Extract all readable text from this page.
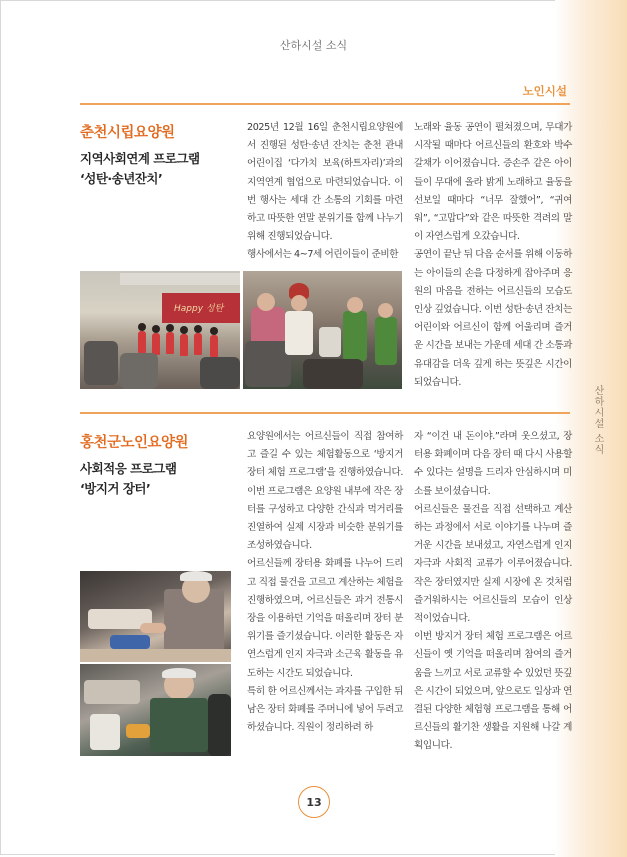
산하시설 소식
산하시설 소식
노인시설
춘천시립요양원
지역사회연계 프로그램
‘성탄·송년잔치’
2025년 12월 16일 춘천시립요양원에서 진행된 성탄·송년 잔치는 춘천 관내 어린이집 ‘다가치 보육(하트자리)’과의 지역연계 협업으로 마련되었습니다. 이번 행사는 세대 간 소통의 기회를 마련하고 따뜻한 연말 분위기를 함께 나누기 위해 진행되었습니다.
행사에서는 4~7세 어린이들이 준비한
노래와 율동 공연이 펼쳐졌으며, 무대가 시작될 때마다 어르신들의 환호와 박수갈채가 이어졌습니다. 증손주 같은 아이들이 무대에 올라 밝게 노래하고 율동을 선보일 때마다 “너무 잘했어”, “귀여워”, “고맙다”와 같은 따뜻한 격려의 말이 자연스럽게 오갔습니다.
공연이 끝난 뒤 다음 순서를 위해 이동하는 아이들의 손을 다정하게 잡아주며 응원의 마음을 전하는 어르신들의 모습도 인상 깊었습니다. 이번 성탄·송년 잔치는 어린이와 어르신이 함께 어울리며 즐거운 시간을 보내는 가운데 세대 간 소통과 유대감을 더욱 깊게 하는 뜻깊은 시간이 되었습니다.
Happy 성탄
홍천군노인요양원
사회적응 프로그램
‘방지거 장터’
요양원에서는 어르신들이 직접 참여하고 즐길 수 있는 체험활동으로 ‘방지거 장터 체험 프로그램’을 진행하였습니다. 이번 프로그램은 요양원 내부에 작은 장터를 구성하고 다양한 간식과 먹거리를 진열하여 실제 시장과 비슷한 분위기를 조성하였습니다.
어르신들께 장터용 화폐를 나누어 드리고 직접 물건을 고르고 계산하는 체험을 진행하였으며, 어르신들은 과거 전통시장을 이용하던 기억을 떠올리며 장터 분위기를 즐기셨습니다. 이러한 활동은 자연스럽게 인지 자극과 소근육 활동을 유도하는 시간도 되었습니다.
특히 한 어르신께서는 과자를 구입한 뒤 남은 장터 화폐를 주머니에 넣어 두려고 하셨습니다. 직원이 정리하려 하
자 “이건 내 돈이야.”라며 웃으셨고, 장터용 화폐이며 다음 장터 때 다시 사용할 수 있다는 설명을 드리자 안심하시며 미소를 보이셨습니다.
어르신들은 물건을 직접 선택하고 계산하는 과정에서 서로 이야기를 나누며 즐거운 시간을 보내셨고, 자연스럽게 인지 자극과 사회적 교류가 이루어졌습니다. 작은 장터였지만 실제 시장에 온 것처럼 즐거워하시는 어르신들의 모습이 인상적이었습니다.
이번 방지거 장터 체험 프로그램은 어르신들이 옛 기억을 떠올리며 참여의 즐거움을 느끼고 서로 교류할 수 있었던 뜻깊은 시간이 되었으며, 앞으로도 일상과 연결된 다양한 체험형 프로그램을 통해 어르신들의 활기찬 생활을 지원해 나갈 계획입니다.
13
